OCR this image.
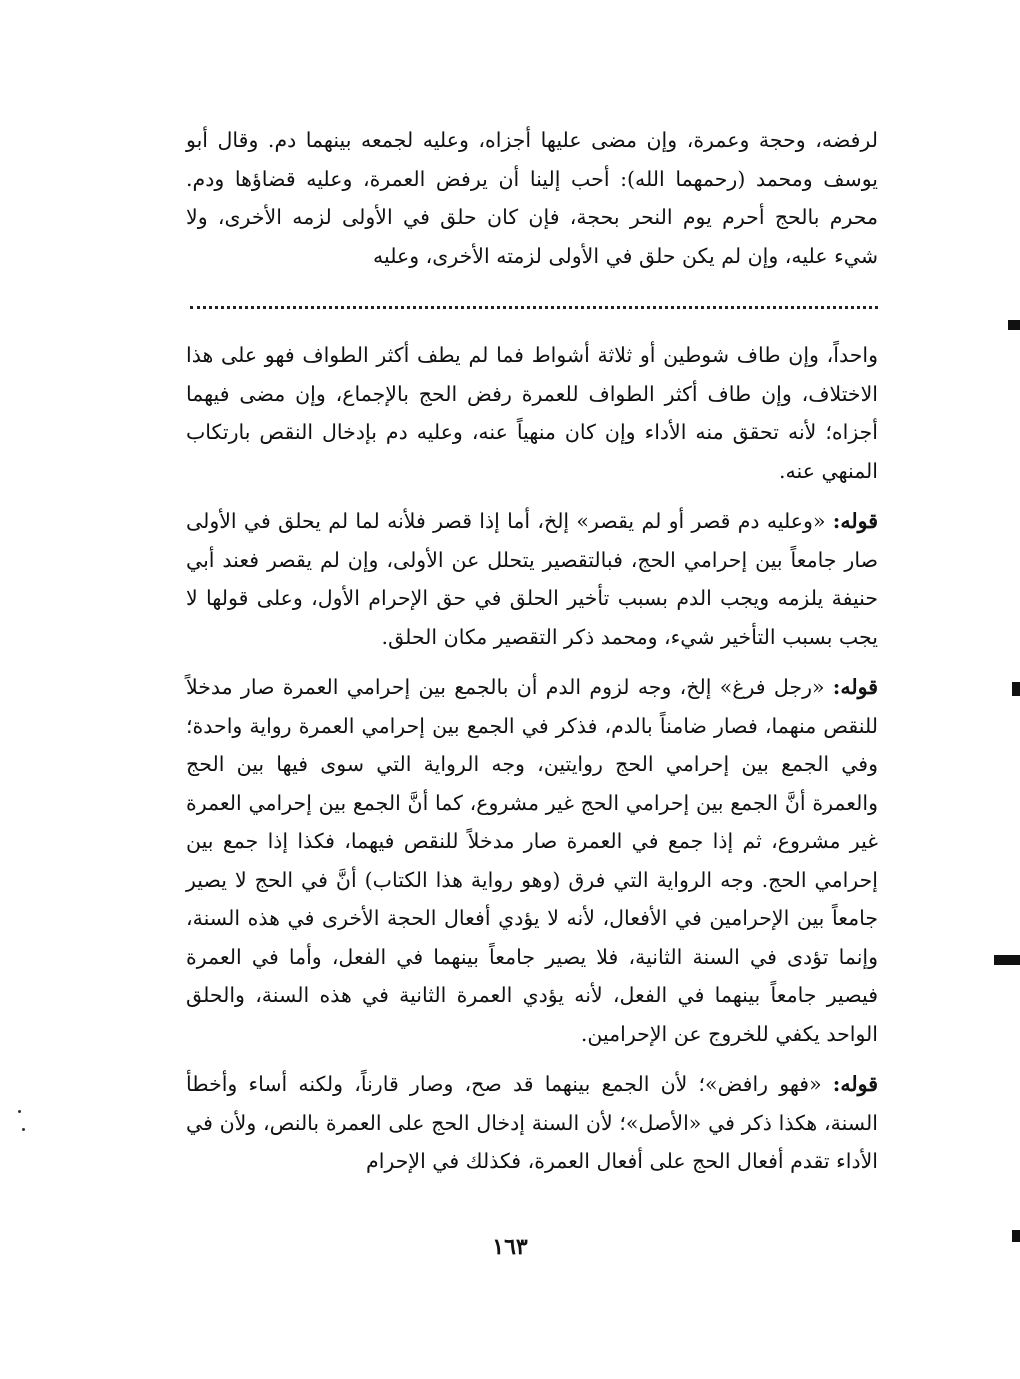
لرفضه، وحجة وعمرة، وإن مضى عليها أجزاه، وعليه لجمعه بينهما دم. وقال أبو يوسف ومحمد (رحمهما الله): أحب إلينا أن يرفض العمرة، وعليه قضاؤها ودم. محرم بالحج أحرم يوم النحر بحجة، فإن كان حلق في الأولى لزمه الأخرى، ولا شيء عليه، وإن لم يكن حلق في الأولى لزمته الأخرى، وعليه

واحداً، وإن طاف شوطين أو ثلاثة أشواط فما لم يطف أكثر الطواف فهو على هذا الاختلاف، وإن طاف أكثر الطواف للعمرة رفض الحج بالإجماع، وإن مضى فيهما أجزاه؛ لأنه تحقق منه الأداء وإن كان منهياً عنه، وعليه دم بإدخال النقص بارتكاب المنهي عنه.

قوله: «وعليه دم قصر أو لم يقصر» إلخ، أما إذا قصر فلأنه لما لم يحلق في الأولى صار جامعاً بين إحرامي الحج، فبالتقصير يتحلل عن الأولى، وإن لم يقصر فعند أبي حنيفة يلزمه ويجب الدم بسبب تأخير الحلق في حق الإحرام الأول، وعلى قولها لا يجب بسبب التأخير شيء، ومحمد ذكر التقصير مكان الحلق.

قوله: «رجل فرغ» إلخ، وجه لزوم الدم أن بالجمع بين إحرامي العمرة صار مدخلاً للنقص منهما، فصار ضامناً بالدم، فذكر في الجمع بين إحرامي العمرة رواية واحدة؛ وفي الجمع بين إحرامي الحج روايتين، وجه الرواية التي سوى فيها بين الحج والعمرة أنَّ الجمع بين إحرامي الحج غير مشروع، كما أنَّ الجمع بين إحرامي العمرة غير مشروع، ثم إذا جمع في العمرة صار مدخلاً للنقص فيهما، فكذا إذا جمع بين إحرامي الحج. وجه الرواية التي فرق (وهو رواية هذا الكتاب) أنَّ في الحج لا يصير جامعاً بين الإحرامين في الأفعال، لأنه لا يؤدي أفعال الحجة الأخرى في هذه السنة، وإنما تؤدى في السنة الثانية، فلا يصير جامعاً بينهما في الفعل، وأما في العمرة فيصير جامعاً بينهما في الفعل، لأنه يؤدي العمرة الثانية في هذه السنة، والحلق الواحد يكفي للخروج عن الإحرامين.

قوله: «فهو رافض»؛ لأن الجمع بينهما قد صح، وصار قارناً، ولكنه أساء وأخطأ السنة، هكذا ذكر في «الأصل»؛ لأن السنة إدخال الحج على العمرة بالنص، ولأن في الأداء تقدم أفعال الحج على أفعال العمرة، فكذلك في الإحرام

١٦٣
